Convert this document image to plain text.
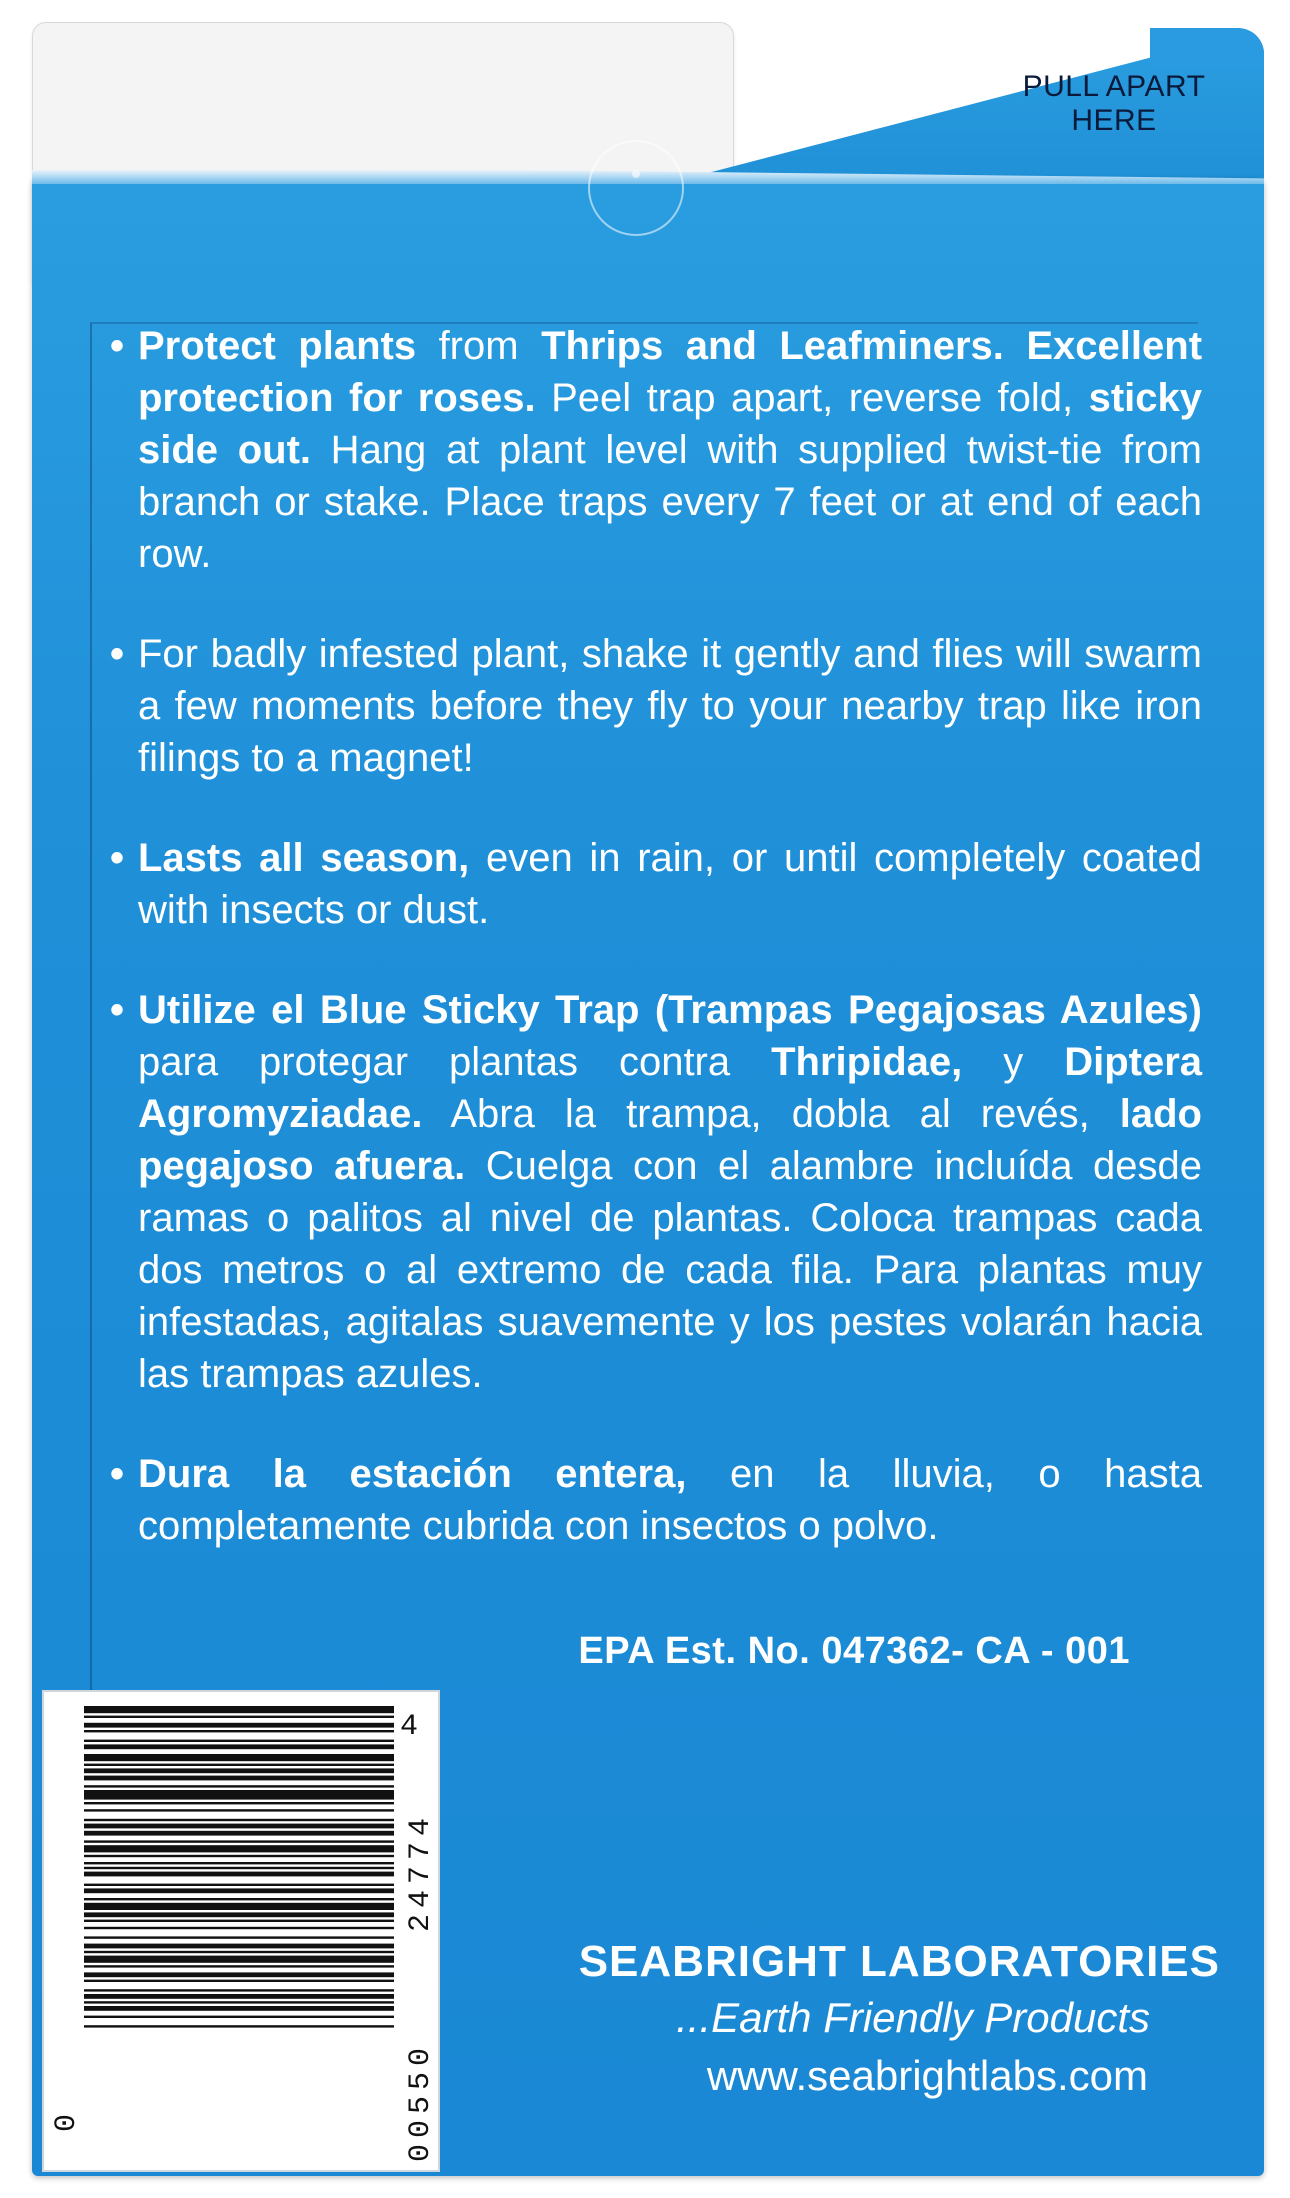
PULL APART
HERE
• Protect plants from Thrips and Leafminers. Excellent protection for roses. Peel trap apart, reverse fold, sticky side out. Hang at plant level with supplied twist-tie from branch or stake. Place traps every 7 feet or at end of each row.
• For badly infested plant, shake it gently and flies will swarm a few moments before they fly to your nearby trap like iron filings to a magnet!
• Lasts all season, even in rain, or until completely coated with insects or dust.
• Utilize el Blue Sticky Trap (Trampas Pegajosas Azules) para protegar plantas contra Thripidae, y Diptera Agromyziadae. Abra la trampa, dobla al revés, lado pegajoso afuera. Cuelga con el alambre incluída desde ramas o palitos al nivel de plantas. Coloca trampas cada dos metros o al extremo de cada fila. Para plantas muy infestadas, agitalas suavemente y los pestes volarán hacia las trampas azules.
• Dura la estación entera, en la lluvia, o hasta completamente cubrida con insectos o polvo.
EPA Est. No. 047362- CA - 001
0
4
24774
00550
SEABRIGHT LABORATORIES
...Earth Friendly Products
www.seabrightlabs.com
